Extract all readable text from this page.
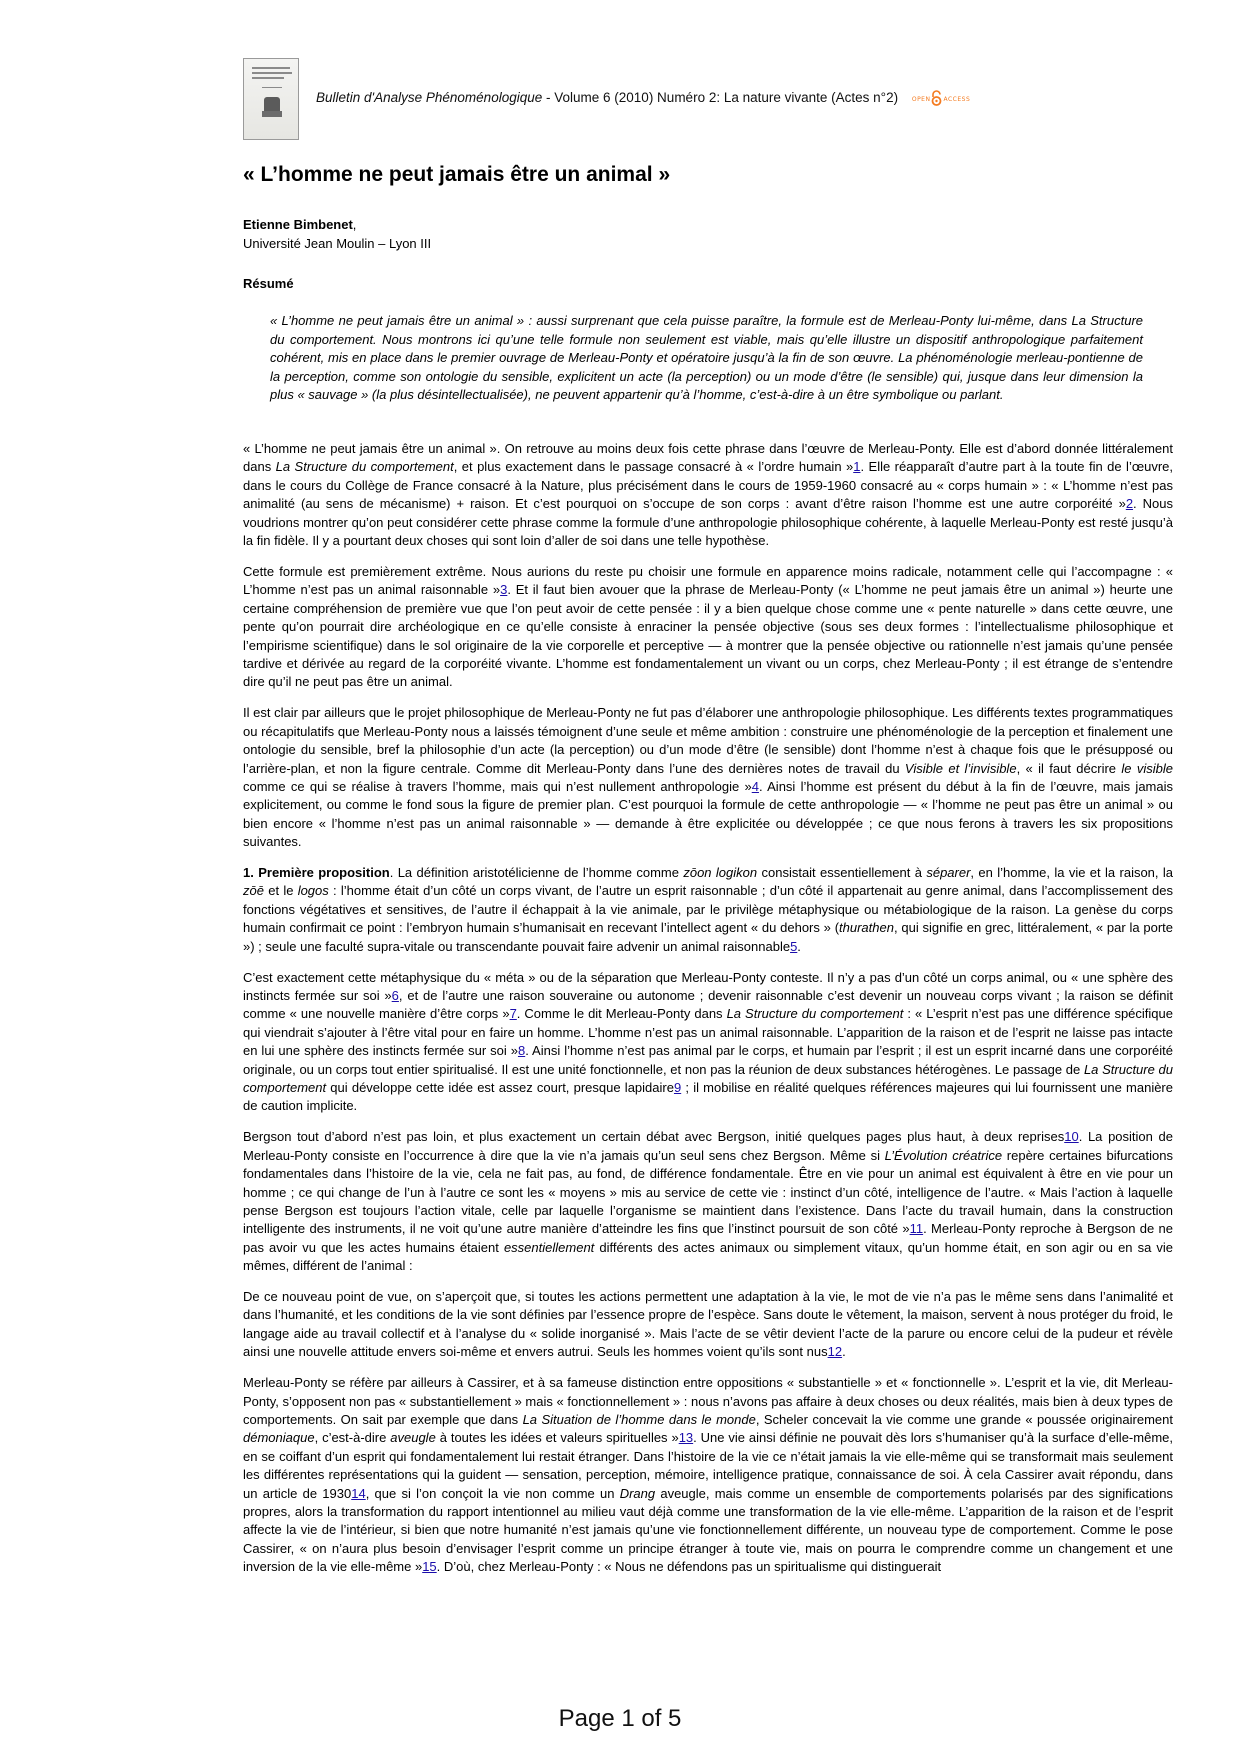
Bulletin d'Analyse Phénoménologique - Volume 6 (2010) Numéro 2: La nature vivante (Actes n°2) OPEN ACCESS
« L’homme ne peut jamais être un animal »
Etienne Bimbenet,
Université Jean Moulin – Lyon III
Résumé
« L’homme ne peut jamais être un animal » : aussi surprenant que cela puisse paraître, la formule est de Merleau-Ponty lui-même, dans La Structure du comportement. Nous montrons ici qu’une telle formule non seulement est viable, mais qu’elle illustre un dispositif anthropologique parfaitement cohérent, mis en place dans le premier ouvrage de Merleau-Ponty et opératoire jusqu’à la fin de son œuvre. La phénoménologie merleau-pontienne de la perception, comme son ontologie du sensible, explicitent un acte (la perception) ou un mode d’être (le sensible) qui, jusque dans leur dimension la plus « sauvage » (la plus désintellectualisée), ne peuvent appartenir qu’à l’homme, c’est-à-dire à un être symbolique ou parlant.

« L’homme ne peut jamais être un animal ». On retrouve au moins deux fois cette phrase dans l’œuvre de Merleau-Ponty. Elle est d’abord donnée littéralement dans La Structure du comportement, et plus exactement dans le passage consacré à « l’ordre humain »1. Elle réapparaît d’autre part à la toute fin de l’œuvre, dans le cours du Collège de France consacré à la Nature, plus précisément dans le cours de 1959-1960 consacré au « corps humain » : « L’homme n’est pas animalité (au sens de mécanisme) + raison. Et c’est pourquoi on s’occupe de son corps : avant d’être raison l’homme est une autre corporéité »2. Nous voudrions montrer qu’on peut considérer cette phrase comme la formule d’une anthropologie philosophique cohérente, à laquelle Merleau-Ponty est resté jusqu’à la fin fidèle. Il y a pourtant deux choses qui sont loin d’aller de soi dans une telle hypothèse.

Cette formule est premièrement extrême. Nous aurions du reste pu choisir une formule en apparence moins radicale, notamment celle qui l’accompagne : « L’homme n’est pas un animal raisonnable »3. Et il faut bien avouer que la phrase de Merleau-Ponty (« L’homme ne peut jamais être un animal ») heurte une certaine compréhension de première vue que l’on peut avoir de cette pensée : il y a bien quelque chose comme une « pente naturelle » dans cette œuvre, une pente qu’on pourrait dire archéologique en ce qu’elle consiste à enraciner la pensée objective (sous ses deux formes : l’intellectualisme philosophique et l’empirisme scientifique) dans le sol originaire de la vie corporelle et perceptive — à montrer que la pensée objective ou rationnelle n’est jamais qu’une pensée tardive et dérivée au regard de la corporéité vivante. L’homme est fondamentalement un vivant ou un corps, chez Merleau-Ponty ; il est étrange de s’entendre dire qu’il ne peut pas être un animal.

Il est clair par ailleurs que le projet philosophique de Merleau-Ponty ne fut pas d’élaborer une anthropologie philosophique. Les différents textes programmatiques ou récapitulatifs que Merleau-Ponty nous a laissés témoignent d’une seule et même ambition : construire une phénoménologie de la perception et finalement une ontologie du sensible, bref la philosophie d’un acte (la perception) ou d’un mode d’être (le sensible) dont l’homme n’est à chaque fois que le présupposé ou l’arrière-plan, et non la figure centrale. Comme dit Merleau-Ponty dans l’une des dernières notes de travail du Visible et l’invisible, « il faut décrire le visible comme ce qui se réalise à travers l’homme, mais qui n’est nullement anthropologie »4. Ainsi l’homme est présent du début à la fin de l’œuvre, mais jamais explicitement, ou comme le fond sous la figure de premier plan. C’est pourquoi la formule de cette anthropologie — « l’homme ne peut pas être un animal » ou bien encore « l’homme n’est pas un animal raisonnable » — demande à être explicitée ou développée ; ce que nous ferons à travers les six propositions suivantes.

1. Première proposition. La définition aristotélicienne de l’homme comme zōon logikon consistait essentiellement à séparer, en l’homme, la vie et la raison, la zōē et le logos : l’homme était d’un côté un corps vivant, de l’autre un esprit raisonnable ; d’un côté il appartenait au genre animal, dans l’accomplissement des fonctions végétatives et sensitives, de l’autre il échappait à la vie animale, par le privilège métaphysique ou métabiologique de la raison. La genèse du corps humain confirmait ce point : l’embryon humain s’humanisait en recevant l’intellect agent « du dehors » (thurathen, qui signifie en grec, littéralement, « par la porte ») ; seule une faculté supra-vitale ou transcendante pouvait faire advenir un animal raisonnable5.

C’est exactement cette métaphysique du « méta » ou de la séparation que Merleau-Ponty conteste. Il n’y a pas d’un côté un corps animal, ou « une sphère des instincts fermée sur soi »6, et de l’autre une raison souveraine ou autonome ; devenir raisonnable c’est devenir un nouveau corps vivant ; la raison se définit comme « une nouvelle manière d’être corps »7. Comme le dit Merleau-Ponty dans La Structure du comportement : « L’esprit n’est pas une différence spécifique qui viendrait s’ajouter à l’être vital pour en faire un homme. L’homme n’est pas un animal raisonnable. L’apparition de la raison et de l’esprit ne laisse pas intacte en lui une sphère des instincts fermée sur soi »8. Ainsi l’homme n’est pas animal par le corps, et humain par l’esprit ; il est un esprit incarné dans une corporéité originale, ou un corps tout entier spiritualisé. Il est une unité fonctionnelle, et non pas la réunion de deux substances hétérogènes. Le passage de La Structure du comportement qui développe cette idée est assez court, presque lapidaire9 ; il mobilise en réalité quelques références majeures qui lui fournissent une manière de caution implicite.

Bergson tout d’abord n’est pas loin, et plus exactement un certain débat avec Bergson, initié quelques pages plus haut, à deux reprises10. La position de Merleau-Ponty consiste en l’occurrence à dire que la vie n’a jamais qu’un seul sens chez Bergson. Même si L’Évolution créatrice repère certaines bifurcations fondamentales dans l’histoire de la vie, cela ne fait pas, au fond, de différence fondamentale. Être en vie pour un animal est équivalent à être en vie pour un homme ; ce qui change de l’un à l’autre ce sont les « moyens » mis au service de cette vie : instinct d’un côté, intelligence de l’autre. « Mais l’action à laquelle pense Bergson est toujours l’action vitale, celle par laquelle l’organisme se maintient dans l’existence. Dans l’acte du travail humain, dans la construction intelligente des instruments, il ne voit qu’une autre manière d’atteindre les fins que l’instinct poursuit de son côté »11. Merleau-Ponty reproche à Bergson de ne pas avoir vu que les actes humains étaient essentiellement différents des actes animaux ou simplement vitaux, qu’un homme était, en son agir ou en sa vie mêmes, différent de l’animal :

De ce nouveau point de vue, on s’aperçoit que, si toutes les actions permettent une adaptation à la vie, le mot de vie n’a pas le même sens dans l’animalité et dans l’humanité, et les conditions de la vie sont définies par l’essence propre de l’espèce. Sans doute le vêtement, la maison, servent à nous protéger du froid, le langage aide au travail collectif et à l’analyse du « solide inorganisé ». Mais l’acte de se vêtir devient l’acte de la parure ou encore celui de la pudeur et révèle ainsi une nouvelle attitude envers soi-même et envers autrui. Seuls les hommes voient qu’ils sont nus12.

Merleau-Ponty se réfère par ailleurs à Cassirer, et à sa fameuse distinction entre oppositions « substantielle » et « fonctionnelle ». L’esprit et la vie, dit Merleau-Ponty, s’opposent non pas « substantiellement » mais « fonctionnellement » : nous n’avons pas affaire à deux choses ou deux réalités, mais bien à deux types de comportements. On sait par exemple que dans La Situation de l’homme dans le monde, Scheler concevait la vie comme une grande « poussée originairement démoniaque, c’est-à-dire aveugle à toutes les idées et valeurs spirituelles »13. Une vie ainsi définie ne pouvait dès lors s’humaniser qu’à la surface d’elle-même, en se coiffant d’un esprit qui fondamentalement lui restait étranger. Dans l’histoire de la vie ce n’était jamais la vie elle-même qui se transformait mais seulement les différentes représentations qui la guident — sensation, perception, mémoire, intelligence pratique, connaissance de soi. À cela Cassirer avait répondu, dans un article de 193014, que si l’on conçoit la vie non comme un Drang aveugle, mais comme un ensemble de comportements polarisés par des significations propres, alors la transformation du rapport intentionnel au milieu vaut déjà comme une transformation de la vie elle-même. L’apparition de la raison et de l’esprit affecte la vie de l’intérieur, si bien que notre humanité n’est jamais qu’une vie fonctionnellement différente, un nouveau type de comportement. Comme le pose Cassirer, « on n’aura plus besoin d’envisager l’esprit comme un principe étranger à toute vie, mais on pourra le comprendre comme un changement et une inversion de la vie elle-même »15. D’où, chez Merleau-Ponty : « Nous ne défendons pas un spiritualisme qui distinguerait

Page 1 of 5
